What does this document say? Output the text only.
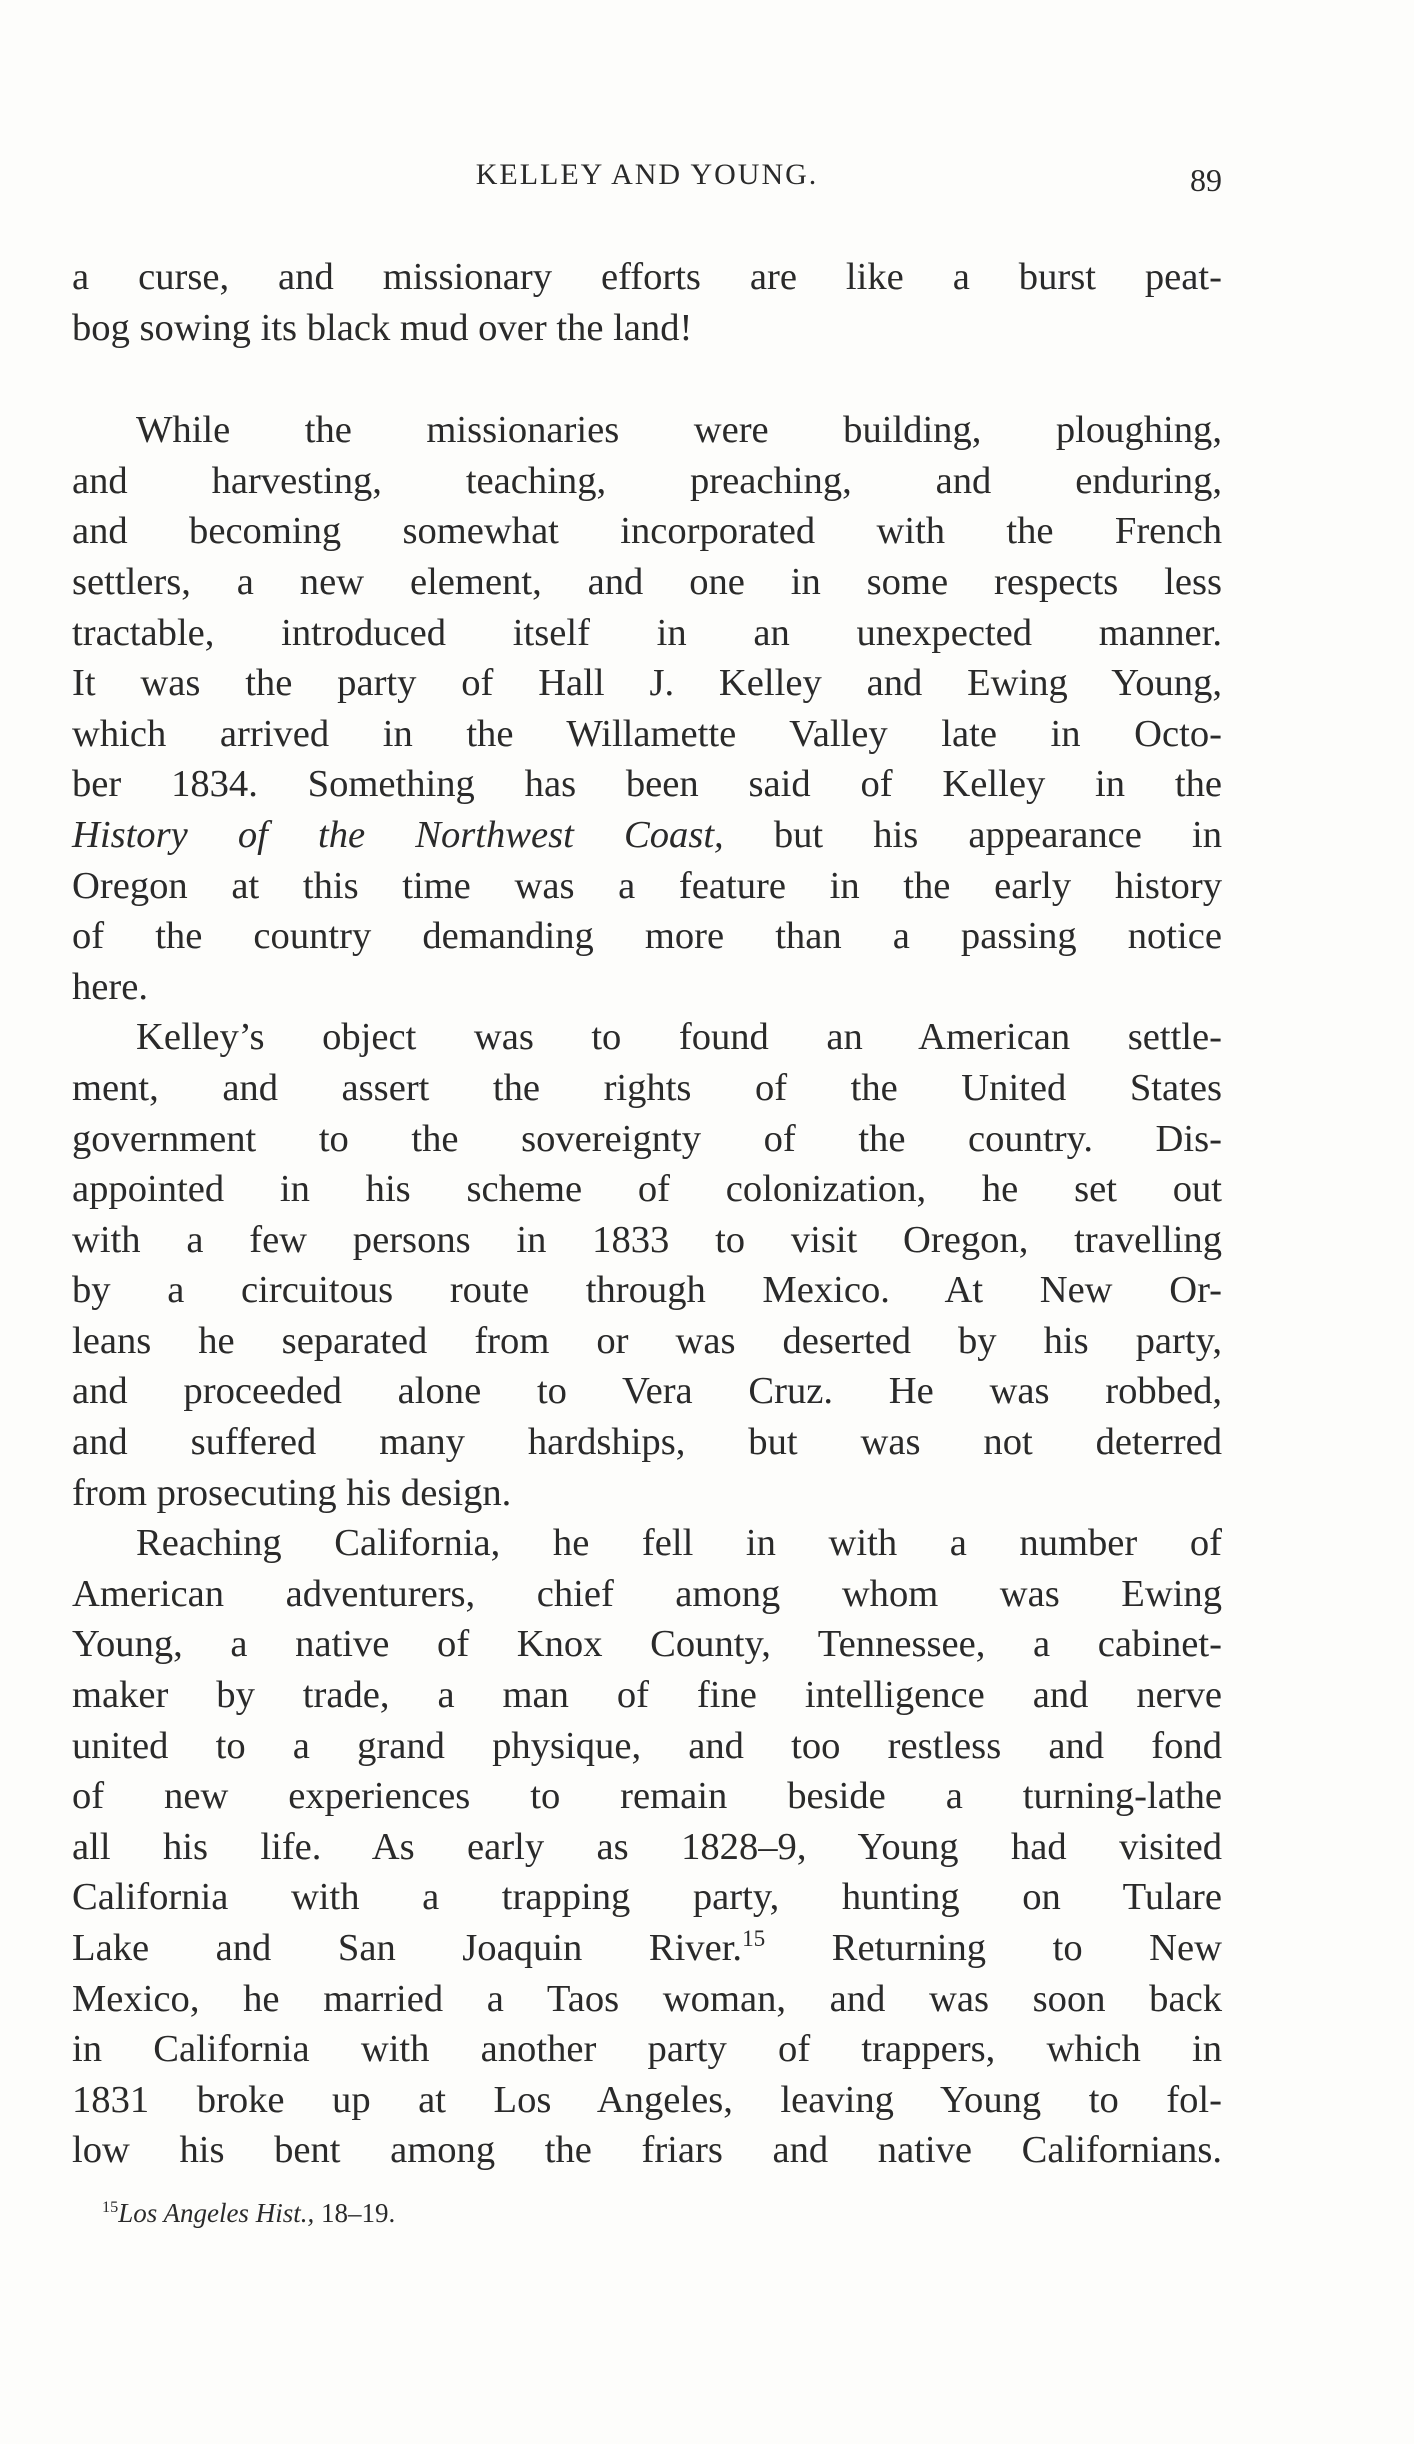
KELLEY AND YOUNG.	89
a curse, and missionary efforts are like a burst peat-
bog sowing its black mud over the land!
While the missionaries were building, ploughing,
and harvesting, teaching, preaching, and enduring,
and becoming somewhat incorporated with the French
settlers, a new element, and one in some respects less
tractable, introduced itself in an unexpected manner.
It was the party of Hall J. Kelley and Ewing Young,
which arrived in the Willamette Valley late in Octo-
ber 1834. Something has been said of Kelley in the
History of the Northwest Coast, but his appearance in
Oregon at this time was a feature in the early history
of the country demanding more than a passing notice
here.
Kelley’s object was to found an American settle-
ment, and assert the rights of the United States
government to the sovereignty of the country. Dis-
appointed in his scheme of colonization, he set out
with a few persons in 1833 to visit Oregon, travelling
by a circuitous route through Mexico. At New Or-
leans he separated from or was deserted by his party,
and proceeded alone to Vera Cruz. He was robbed,
and suffered many hardships, but was not deterred
from prosecuting his design.
Reaching California, he fell in with a number of
American adventurers, chief among whom was Ewing
Young, a native of Knox County, Tennessee, a cabinet-
maker by trade, a man of fine intelligence and nerve
united to a grand physique, and too restless and fond
of new experiences to remain beside a turning-lathe
all his life. As early as 1828–9, Young had visited
California with a trapping party, hunting on Tulare
Lake and San Joaquin River.$^{15}$ Returning to New
Mexico, he married a Taos woman, and was soon back
in California with another party of trappers, which in
1831 broke up at Los Angeles, leaving Young to fol-
low his bent among the friars and native Californians.
$^{15}$Los Angeles Hist., 18–19.
